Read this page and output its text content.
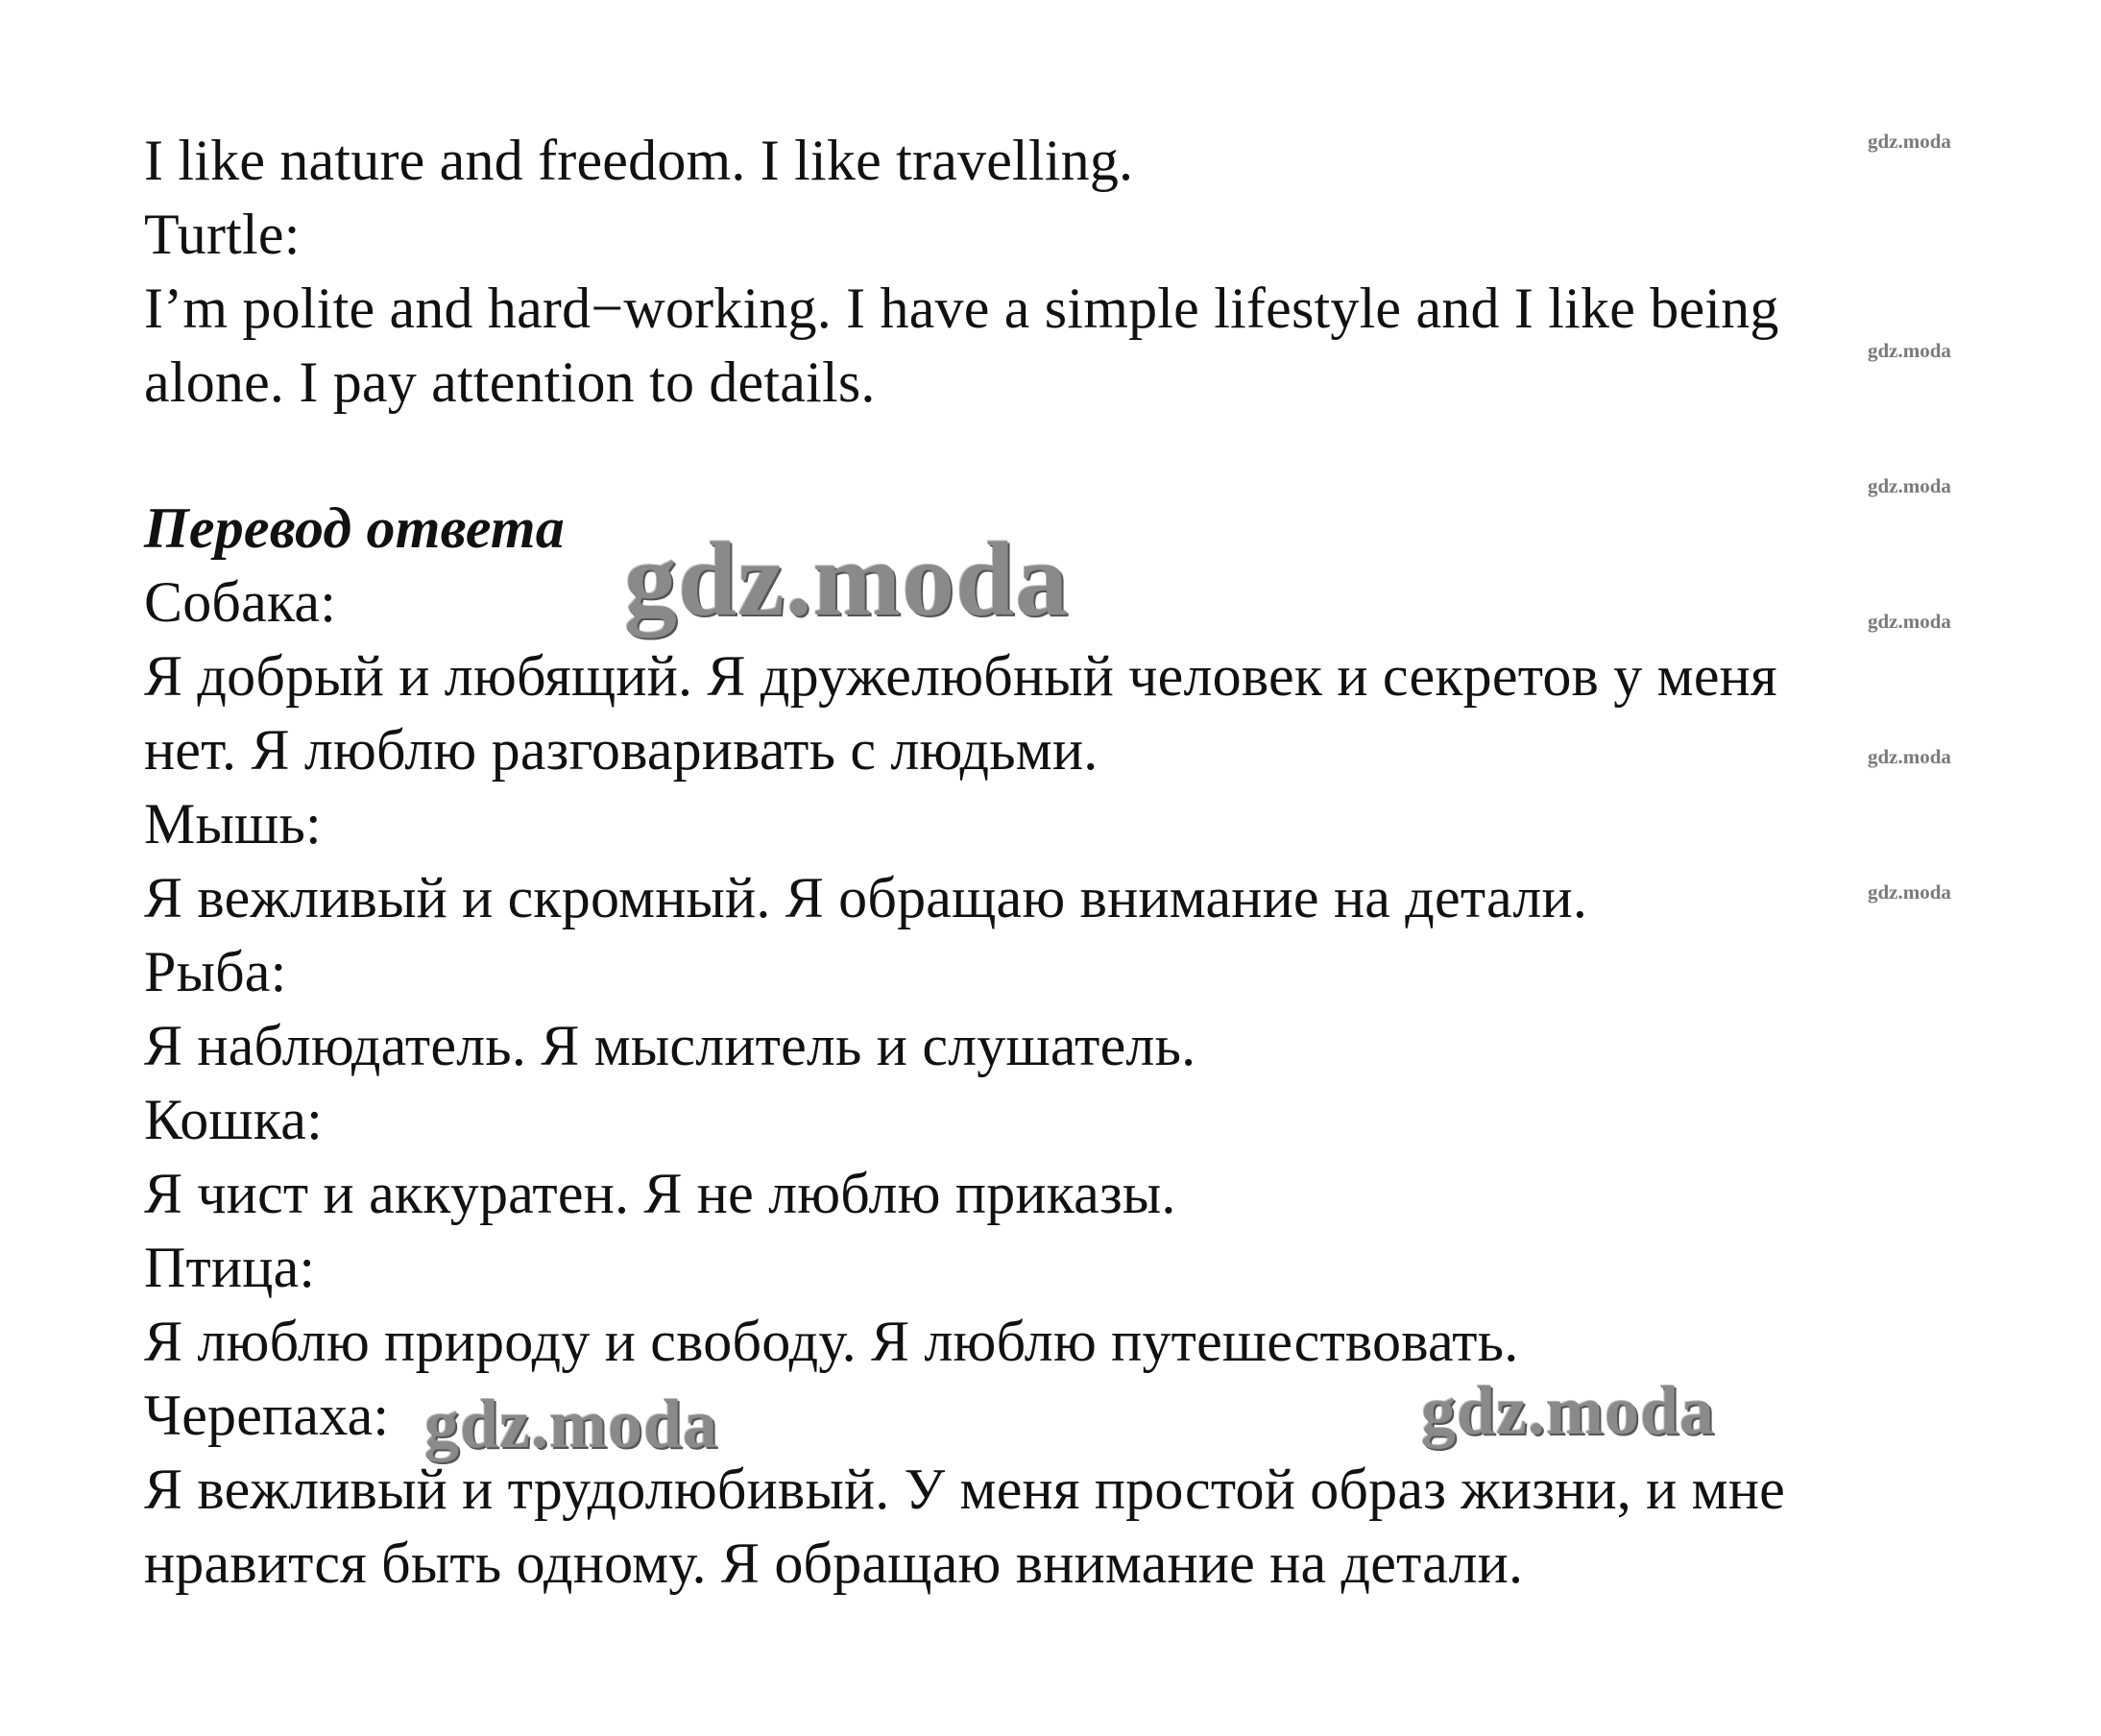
I like nature and freedom. I like travelling.
Turtle:
I’m polite and hard−working. I have a simple lifestyle and I like being
alone. I pay attention to details.
Перевод ответа
Собака:
Я добрый и любящий. Я дружелюбный человек и секретов у меня
нет. Я люблю разговаривать с людьми.
Мышь:
Я вежливый и скромный. Я обращаю внимание на детали.
Рыба:
Я наблюдатель. Я мыслитель и слушатель.
Кошка:
Я чист и аккуратен. Я не люблю приказы.
Птица:
Я люблю природу и свободу. Я люблю путешествовать.
Черепаха:
Я вежливый и трудолюбивый. У меня простой образ жизни, и мне
нравится быть одному. Я обращаю внимание на детали.
gdz.moda
gdz.moda
gdz.moda
gdz.moda
gdz.moda
gdz.moda
gdz.moda
gdz.moda	gdz.moda
